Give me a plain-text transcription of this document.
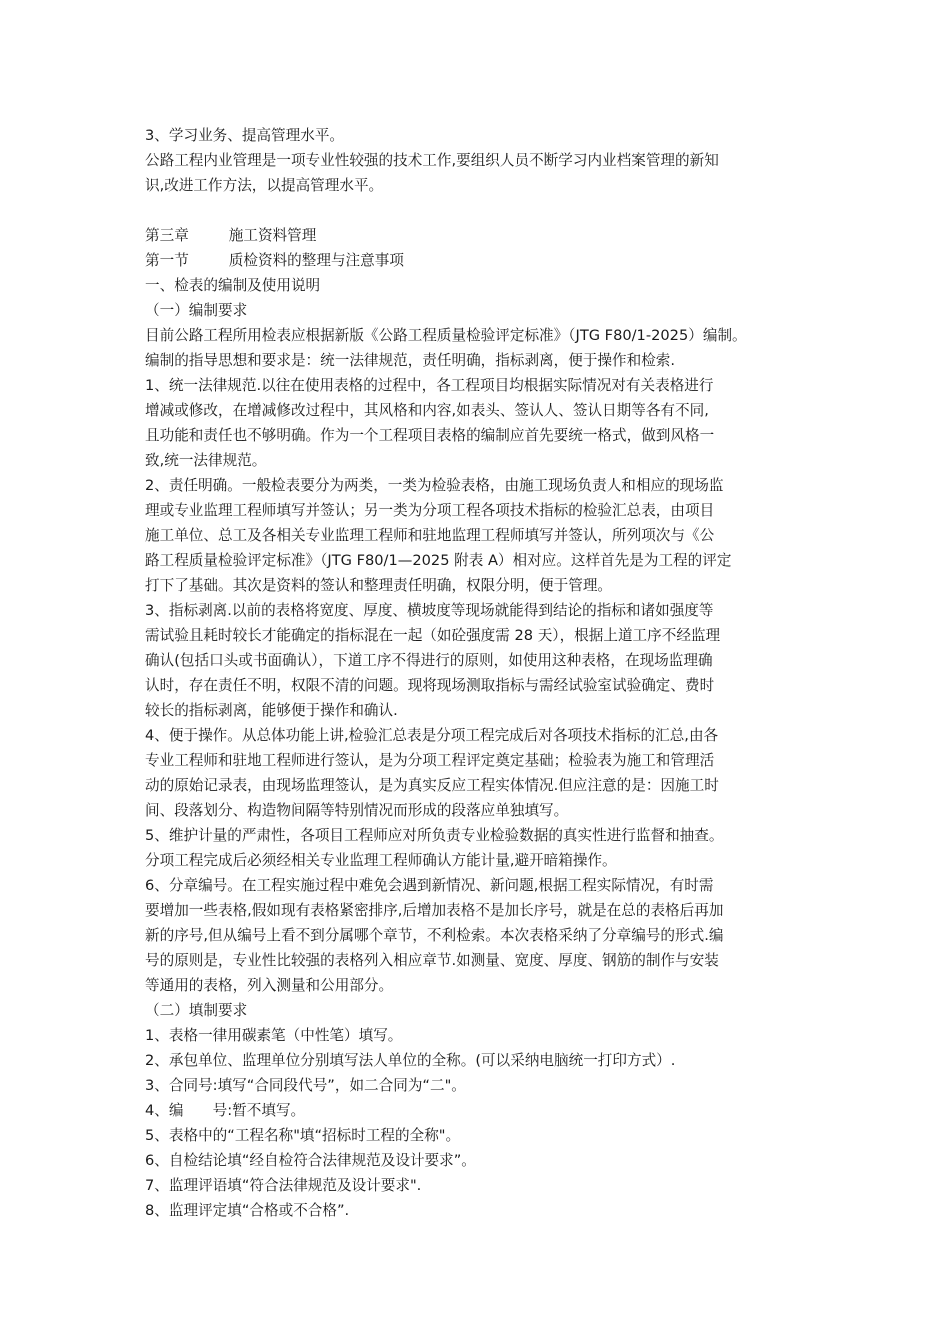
3、学习业务、提高管理水平。

公路工程内业管理是一项专业性较强的技术工作,要组织人员不断学习内业档案管理的新知

识,改进工作方法，以提高管理水平。

第三章	施工资料管理

第一节	质检资料的整理与注意事项

一、检表的编制及使用说明

（一）编制要求

目前公路工程所用检表应根据新版《公路工程质量检验评定标准》（JTG F80/1-2025）编制。

编制的指导思想和要求是：统一法律规范，责任明确，指标剥离，便于操作和检索.

1、统一法律规范.以往在使用表格的过程中，各工程项目均根据实际情况对有关表格进行

增减或修改，在增减修改过程中，其风格和内容,如表头、签认人、签认日期等各有不同,

且功能和责任也不够明确。作为一个工程项目表格的编制应首先要统一格式，做到风格一

致,统一法律规范。

2、责任明确。一般检表要分为两类，一类为检验表格，由施工现场负责人和相应的现场监

理或专业监理工程师填写并签认；另一类为分项工程各项技术指标的检验汇总表，由项目

施工单位、总工及各相关专业监理工程师和驻地监理工程师填写并签认，所列项次与《公

路工程质量检验评定标准》（JTG F80/1—2025 附表 A）相对应。这样首先是为工程的评定

打下了基础。其次是资料的签认和整理责任明确，权限分明，便于管理。

3、指标剥离.以前的表格将宽度、厚度、横坡度等现场就能得到结论的指标和诸如强度等

需试验且耗时较长才能确定的指标混在一起（如砼强度需 28 天），根据上道工序不经监理

确认(包括口头或书面确认），下道工序不得进行的原则，如使用这种表格，在现场监理确

认时，存在责任不明，权限不清的问题。现将现场测取指标与需经试验室试验确定、费时

较长的指标剥离，能够便于操作和确认.

4、便于操作。从总体功能上讲,检验汇总表是分项工程完成后对各项技术指标的汇总,由各

专业工程师和驻地工程师进行签认，是为分项工程评定奠定基础；检验表为施工和管理活

动的原始记录表，由现场监理签认，是为真实反应工程实体情况.但应注意的是：因施工时

间、段落划分、构造物间隔等特别情况而形成的段落应单独填写。

5、维护计量的严肃性，各项目工程师应对所负责专业检验数据的真实性进行监督和抽查。

分项工程完成后必须经相关专业监理工程师确认方能计量,避开暗箱操作。

6、分章编号。在工程实施过程中难免会遇到新情况、新问题,根据工程实际情况，有时需

要增加一些表格,假如现有表格紧密排序,后增加表格不是加长序号，就是在总的表格后再加

新的序号,但从编号上看不到分属哪个章节，不利检索。本次表格采纳了分章编号的形式.编

号的原则是，专业性比较强的表格列入相应章节.如测量、宽度、厚度、钢筋的制作与安装

等通用的表格，列入测量和公用部分。

（二）填制要求

1、表格一律用碳素笔（中性笔）填写。

2、承包单位、监理单位分别填写法人单位的全称。(可以采纳电脑统一打印方式）.

3、合同号:填写“合同段代号”，如二合同为“二"。

4、编　　号:暂不填写。

5、表格中的“工程名称"填“招标时工程的全称"。

6、自检结论填“经自检符合法律规范及设计要求”。

7、监理评语填“符合法律规范及设计要求".

8、监理评定填“合格或不合格”.
